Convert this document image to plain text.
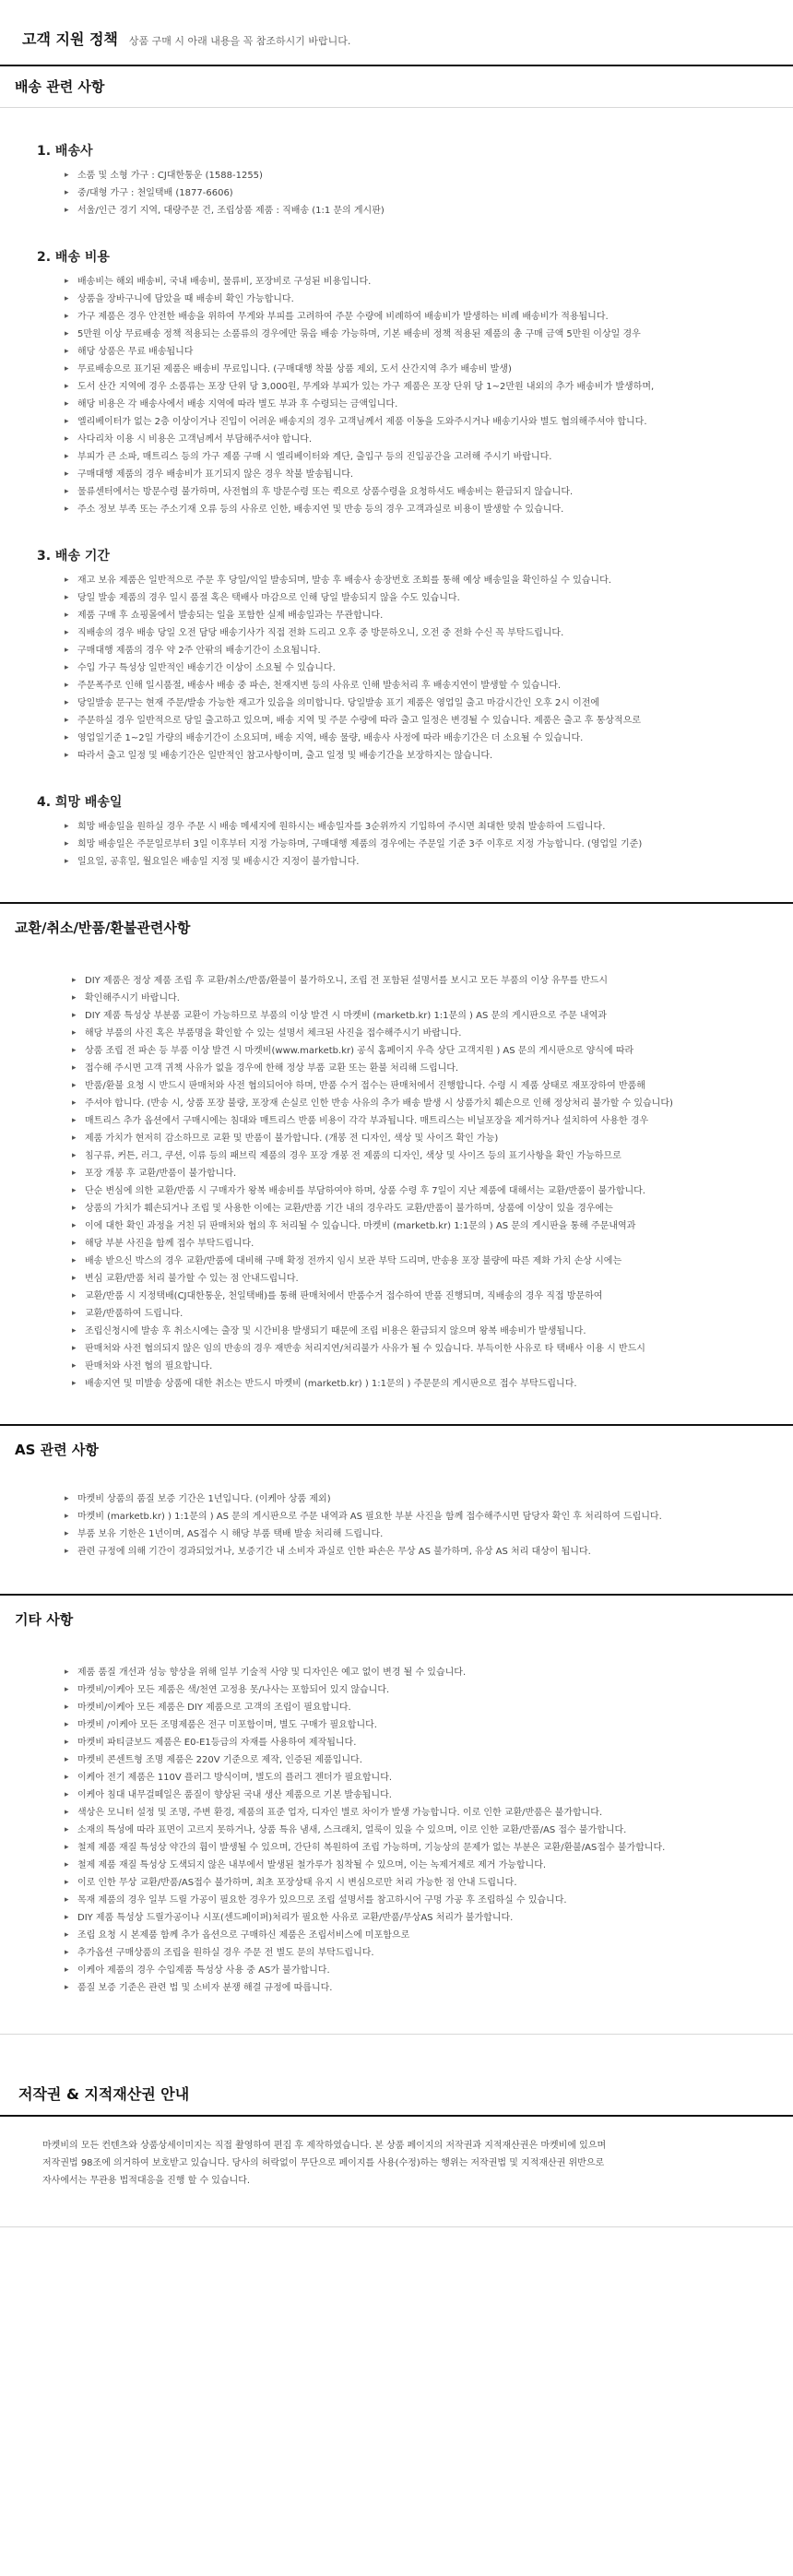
고객 지원 정책 상품 구매 시 아래 내용을 꼭 참조하시기 바랍니다.
배송 관련 사항
1. 배송사
▸ 소품 및 소형 가구 : CJ대한통운 (1588-1255)
▸ 중/대형 가구 : 천일택배 (1877-6606)
▸ 서울/인근 경기 지역, 대량주문 건, 조립상품 제품 : 직배송 (1:1 문의 게시판)
2. 배송 비용
▸ 배송비는 해외 배송비, 국내 배송비, 물류비, 포장비로 구성된 비용입니다.
▸ 상품을 장바구니에 담았을 때 배송비 확인 가능합니다.
▸ 가구 제품은 경우 안전한 배송을 위하여 무게와 부피를 고려하여 주문 수량에 비례하여 배송비가 발생하는 비례 배송비가 적용됩니다.
▸ 5만원 이상 무료배송 정책 적용되는 소품류의 경우에만 묶음 배송 가능하며, 기본 배송비 정책 적용된 제품의 총 구매 금액 5만원 이상일 경우
▸ 해당 상품은 무료 배송됩니다
▸ 무료배송으로 표기된 제품은 배송비 무료입니다. (구매대행 착불 상품 제외, 도서 산간지역 추가 배송비 발생)
▸ 도서 산간 지역에 경우 소품류는 포장 단위 당 3,000원, 무게와 부피가 있는 가구 제품은 포장 단위 당 1~2만원 내외의 추가 배송비가 발생하며,
▸ 해당 비용은 각 배송사에서 배송 지역에 따라 별도 부과 후 수령되는 금액입니다.
▸ 엘리베이터가 없는 2층 이상이거나 진입이 어려운 배송지의 경우 고객님께서 제품 이동을 도와주시거나 배송기사와 별도 협의해주셔야 합니다.
▸ 사다리차 이용 시 비용은 고객님께서 부담해주셔야 합니다.
▸ 부피가 큰 소파, 매트리스 등의 가구 제품 구매 시 엘리베이터와 계단, 출입구 등의 진입공간을 고려해 주시기 바랍니다.
▸ 구매대행 제품의 경우 배송비가 표기되지 않은 경우 착불 발송됩니다.
▸ 물류센터에서는 방문수령 불가하며, 사전협의 후 방문수령 또는 퀵으로 상품수령을 요청하셔도 배송비는 환급되지 않습니다.
▸ 주소 정보 부족 또는 주소기재 오류 등의 사유로 인한, 배송지연 및 반송 등의 경우 고객과실로 비용이 발생할 수 있습니다.
3. 배송 기간
▸ 재고 보유 제품은 일반적으로 주문 후 당일/익일 발송되며, 발송 후 배송사 송장번호 조회를 통해 예상 배송일을 확인하실 수 있습니다.
▸ 당일 발송 제품의 경우 일시 품절 혹은 택배사 마감으로 인해 당일 발송되지 않을 수도 있습니다.
▸ 제품 구매 후 쇼핑몰에서 발송되는 일을 포함한 실제 배송일과는 무관합니다.
▸ 직배송의 경우 배송 당일 오전 담당 배송기사가 직접 전화 드리고 오후 중 방문하오니, 오전 중 전화 수신 꼭 부탁드립니다.
▸ 구매대행 제품의 경우 약 2주 안팎의 배송기간이 소요됩니다.
▸ 수입 가구 특성상 일반적인 배송기간 이상이 소요될 수 있습니다.
▸ 주문폭주로 인해 일시품절, 배송사 배송 중 파손, 천재지변 등의 사유로 인해 발송처리 후 배송지연이 발생할 수 있습니다.
▸ 당일발송 문구는 현재 주문/발송 가능한 재고가 있음을 의미합니다. 당일발송 표기 제품은 영업일 출고 마감시간인 오후 2시 이전에
▸ 주문하실 경우 일반적으로 당일 출고하고 있으며, 배송 지역 및 주문 수량에 따라 출고 일정은 변경될 수 있습니다. 제품은 출고 후 통상적으로
▸ 영업일기준 1~2일 가량의 배송기간이 소요되며, 배송 지역, 배송 물량, 배송사 사정에 따라 배송기간은 더 소요될 수 있습니다.
▸ 따라서 출고 일정 및 배송기간은 일반적인 참고사항이며, 출고 일정 및 배송기간을 보장하지는 않습니다.
4. 희망 배송일
▸ 희망 배송일을 원하실 경우 주문 시 배송 메세지에 원하시는 배송일자를 3순위까지 기입하여 주시면 최대한 맞춰 발송하여 드립니다.
▸ 희망 배송일은 주문일로부터 3일 이후부터 지정 가능하며, 구매대행 제품의 경우에는 주문일 기준 3주 이후로 지정 가능합니다. (영업일 기준)
▸ 일요일, 공휴일, 월요일은 배송일 지정 및 배송시간 지정이 불가합니다.
교환/취소/반품/환불관련사항
▸ DIY 제품은 정상 제품 조립 후 교환/취소/반품/환불이 불가하오니, 조립 전 포함된 설명서를 보시고 모든 부품의 이상 유무를 반드시
▸ 확인해주시기 바랍니다.
▸ DIY 제품 특성상 부분품 교환이 가능하므로 부품의 이상 발견 시 마켓비 (marketb.kr) 1:1문의 ) AS 문의 게시판으로 주문 내역과
▸ 해당 부품의 사진 혹은 부품명을 확인할 수 있는 설명서 체크된 사진을 접수해주시기 바랍니다.
▸ 상품 조립 전 파손 등 부품 이상 발견 시 마켓비(www.marketb.kr) 공식 홈페이지 우측 상단 고객지원 ) AS 문의 게시판으로 양식에 따라
▸ 접수해 주시면 고객 귀책 사유가 없을 경우에 한해 정상 부품 교환 또는 환불 처리해 드립니다.
▸ 반품/환불 요청 시 반드시 판매처와 사전 협의되어야 하며, 반품 수거 접수는 판매처에서 진행합니다. 수령 시 제품 상태로 재포장하여 반품해
▸ 주셔야 합니다. (반송 시, 상품 포장 불량, 포장재 손실로 인한 반송 사유의 추가 배송 발생 시 상품가치 훼손으로 인해 정상처리 불가할 수 있습니다)
▸ 매트리스 추가 옵션에서 구매시에는 침대와 매트리스 반품 비용이 각각 부과됩니다. 매트리스는 비닐포장을 제거하거나 설치하여 사용한 경우
▸ 제품 가치가 현저히 감소하므로 교환 및 반품이 불가합니다. (개봉 전 디자인, 색상 및 사이즈 확인 가능)
▸ 침구류, 커튼, 러그, 쿠션, 이류 등의 패브릭 제품의 경우 포장 개봉 전 제품의 디자인, 색상 및 사이즈 등의 표기사항을 확인 가능하므로
▸ 포장 개봉 후 교환/반품이 불가합니다.
▸ 단순 변심에 의한 교환/반품 시 구매자가 왕복 배송비를 부담하여야 하며, 상품 수령 후 7일이 지난 제품에 대해서는 교환/반품이 불가합니다.
▸ 상품의 가치가 훼손되거나 조립 및 사용한 이에는 교환/반품 기간 내의 경우라도 교환/반품이 불가하며, 상품에 이상이 있을 경우에는
▸ 이에 대한 확인 과정을 거친 뒤 판매처와 협의 후 처리될 수 있습니다. 마켓비 (marketb.kr) 1:1문의 ) AS 문의 게시판을 통해 주문내역과
▸ 해당 부분 사진을 함께 접수 부탁드립니다.
▸ 배송 받으신 박스의 경우 교환/반품에 대비해 구매 확정 전까지 임시 보관 부탁 드리며, 반송용 포장 불량에 따른 제화 가치 손상 시에는
▸ 변심 교환/반품 처리 불가할 수 있는 점 안내드립니다.
▸ 교환/반품 시 지정택배(CJ대한통운, 천일택배)를 통해 판매처에서 반품수거 접수하여 반품 진행되며, 직배송의 경우 직접 방문하여
▸ 교환/반품하여 드립니다.
▸ 조립신청시에 발송 후 취소시에는 출장 및 시간비용 발생되기 때문에 조립 비용은 환급되지 않으며 왕복 배송비가 발생됩니다.
▸ 판매처와 사전 협의되지 않은 임의 반송의 경우 재반송 처리지연/처리불가 사유가 될 수 있습니다. 부득이한 사유로 타 택배사 이용 시 반드시
▸ 판매처와 사전 협의 필요합니다.
▸ 배송지연 및 미발송 상품에 대한 취소는 반드시 마켓비 (marketb.kr) ) 1:1문의 ) 주문문의 게시판으로 접수 부탁드립니다.
AS 관련 사항
▸ 마켓비 상품의 품질 보증 기간은 1년입니다. (이케아 상품 제외)
▸ 마켓비 (marketb.kr) ) 1:1문의 ) AS 문의 게시판으로 주문 내역과 AS 필요한 부분 사진을 함께 접수해주시면 담당자 확인 후 처리하여 드립니다.
▸ 부품 보유 기한은 1년이며, AS접수 시 해당 부품 택배 발송 처리해 드립니다.
▸ 관련 규정에 의해 기간이 경과되었거나, 보증기간 내 소비자 과실로 인한 파손은 무상 AS 불가하며, 유상 AS 처리 대상이 됩니다.
기타 사항
▸ 제품 품질 개선과 성능 향상을 위해 일부 기술적 사양 및 디자인은 예고 없이 변경 될 수 있습니다.
▸ 마켓비/이케아 모든 제품은 색/천연 고정용 못/나사는 포함되어 있지 않습니다.
▸ 마켓비/이케아 모든 제품은 DIY 제품으로 고객의 조립이 필요합니다.
▸ 마켓비 /이케아 모든 조명제품은 전구 미포함이며, 별도 구매가 필요합니다.
▸ 마켓비 파티클보드 제품은 E0-E1등급의 자재를 사용하여 제작됩니다.
▸ 마켓비 콘센트형 조명 제품은 220V 기준으로 제작, 인증된 제품입니다.
▸ 이케아 전기 제품은 110V 플러그 방식이며, 별도의 플러그 젠더가 필요합니다.
▸ 이케아 침대 내무걸떼일은 품질이 향상된 국내 생산 제품으로 기본 발송됩니다.
▸ 색상은 모니터 설정 및 조명, 주변 환경, 제품의 표준 업자, 디자인 별로 차이가 발생 가능합니다. 이로 인한 교환/반품은 불가합니다.
▸ 소재의 특성에 따라 표면이 고르지 못하거나, 상품 특유 냄새, 스크래치, 얼룩이 있을 수 있으며, 이로 인한 교환/반품/AS 접수 불가합니다.
▸ 철제 제품 재질 특성상 약간의 휨이 발생될 수 있으며, 간단히 복원하여 조립 가능하며, 기능상의 문제가 없는 부분은 교환/환불/AS접수 불가합니다.
▸ 철제 제품 재질 특성상 도색되지 않은 내부에서 발생된 철가루가 침착될 수 있으며, 이는 녹제거제로 제거 가능합니다.
▸ 이로 인한 무상 교환/반품/AS접수 불가하며, 최초 포장상태 유지 시 변심으로만 처리 가능한 점 안내 드립니다.
▸ 목재 제품의 경우 일부 드릴 가공이 필요한 경우가 있으므로 조립 설명서를 참고하시어 구멍 가공 후 조립하실 수 있습니다.
▸ DIY 제품 특성상 드릴가공이나 시포(센드페이퍼)처리가 필요한 사유로 교환/반품/무상AS 처리가 불가합니다.
▸ 조립 요청 시 본제품 함께 추가 옵션으로 구매하신 제품은 조립서비스에 미포함으로
▸ 추가옵션 구매상품의 조립을 원하실 경우 주문 전 별도 문의 부탁드립니다.
▸ 이케아 제품의 경우 수입제품 특성상 사용 중 AS가 불가합니다.
▸ 품질 보증 기준은 관련 법 및 소비자 분쟁 해결 규정에 따릅니다.
저작권 & 지적재산권 안내
마켓비의 모든 컨텐츠와 상품상세이미지는 직접 촬영하여 편집 후 제작하였습니다. 본 상품 페이지의 저작권과 지적재산권은 마켓비에 있으며
저작권법 98조에 의거하여 보호받고 있습니다. 당사의 허락없이 무단으로 페이지를 사용(수정)하는 행위는 저작권법 및 지적재산권 위반으로
자사에서는 무관용 법적대응을 진행 할 수 있습니다.
